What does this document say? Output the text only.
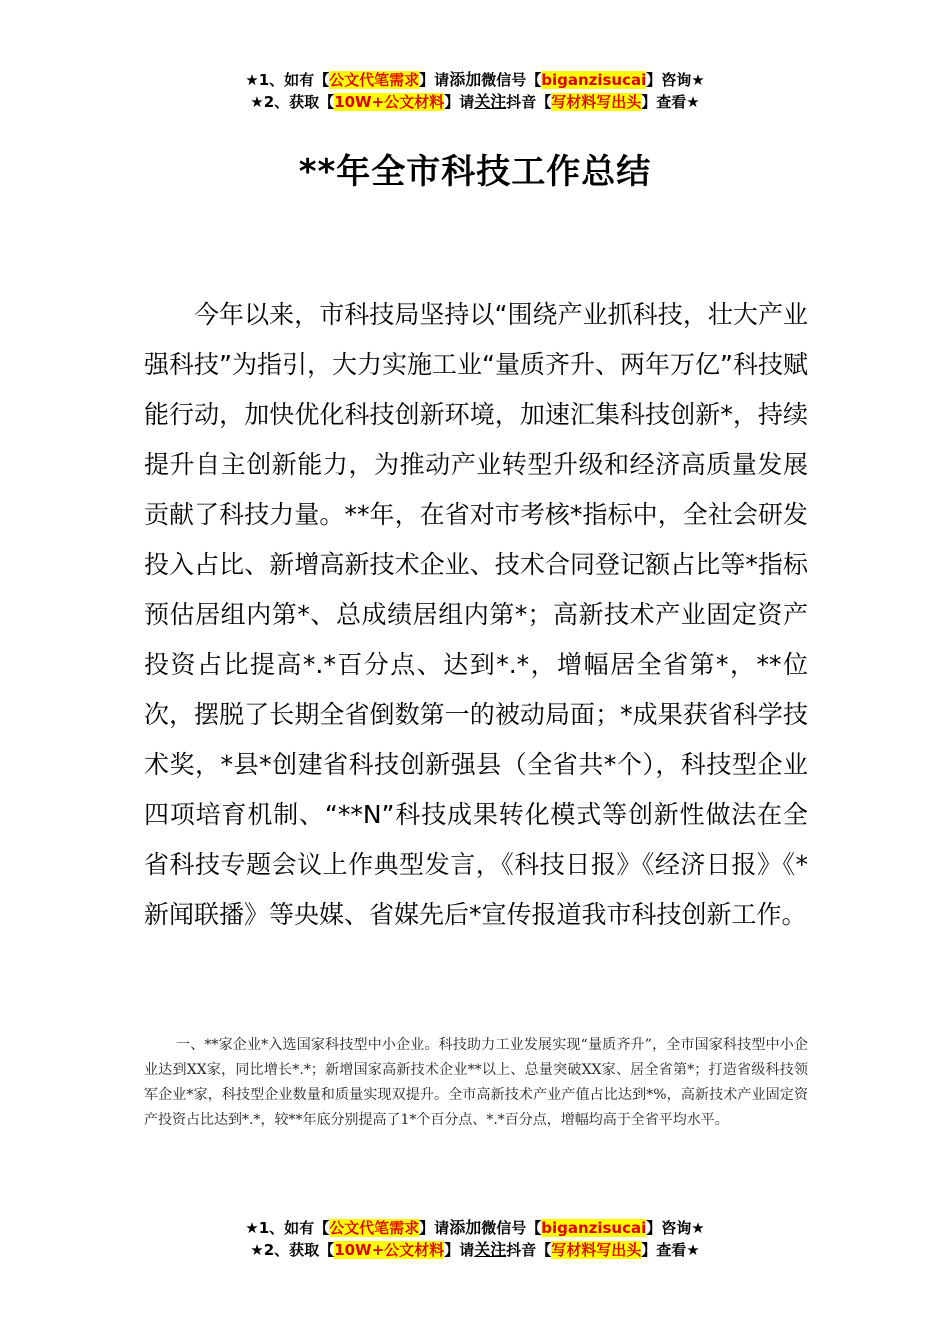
★1、如有【公文代笔需求】请添加微信号【biganzisucai】咨询★
★2、获取【10W+公文材料】请关注抖音【写材料写出头】查看★
**年全市科技工作总结

今年以来，市科技局坚持以“围绕产业抓科技，壮大产业强科技”为指引，大力实施工业“量质齐升、两年万亿”科技赋能行动，加快优化科技创新环境，加速汇集科技创新*，持续提升自主创新能力，为推动产业转型升级和经济高质量发展贡献了科技力量。**年，在省对市考核*指标中，全社会研发投入占比、新增高新技术企业、技术合同登记额占比等*指标预估居组内第*、总成绩居组内第*；高新技术产业固定资产投资占比提高*.*百分点、达到*.*，增幅居全省第*，**位次，摆脱了长期全省倒数第一的被动局面；*成果获省科学技术奖，*县*创建省科技创新强县（全省共*个），科技型企业四项培育机制、“**N”科技成果转化模式等创新性做法在全省科技专题会议上作典型发言，《科技日报》《经济日报》《*新闻联播》等央媒、省媒先后*宣传报道我市科技创新工作。

一、**家企业*入选国家科技型中小企业。科技助力工业发展实现“量质齐升”，全市国家科技型中小企业达到XX家，同比增长*.*；新增国家高新技术企业**以上、总量突破XX家、居全省第*；打造省级科技领军企业*家，科技型企业数量和质量实现双提升。全市高新技术产业产值占比达到*%，高新技术产业固定资产投资占比达到*.*，较**年底分别提高了1*个百分点、*.*百分点，增幅均高于全省平均水平。

★1、如有【公文代笔需求】请添加微信号【biganzisucai】咨询★
★2、获取【10W+公文材料】请关注抖音【写材料写出头】查看★
